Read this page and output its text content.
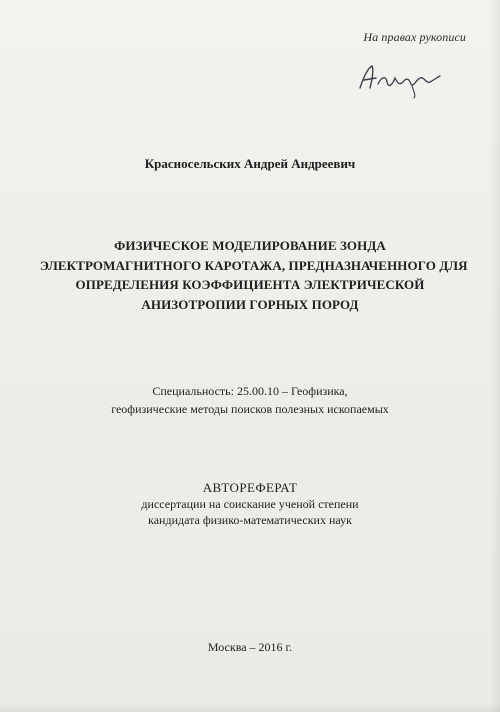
На правах рукописи
Красносельских Андрей Андреевич
ФИЗИЧЕСКОЕ МОДЕЛИРОВАНИЕ ЗОНДА
ЭЛЕКТРОМАГНИТНОГО КАРОТАЖА, ПРЕДНАЗНАЧЕННОГО ДЛЯ
ОПРЕДЕЛЕНИЯ КОЭФФИЦИЕНТА ЭЛЕКТРИЧЕСКОЙ
АНИЗОТРОПИИ ГОРНЫХ ПОРОД
Специальность: 25.00.10 – Геофизика,
геофизические методы поисков полезных ископаемых
АВТОРЕФЕРАТ
диссертации на соискание ученой степени
кандидата физико-математических наук
Москва – 2016 г.
